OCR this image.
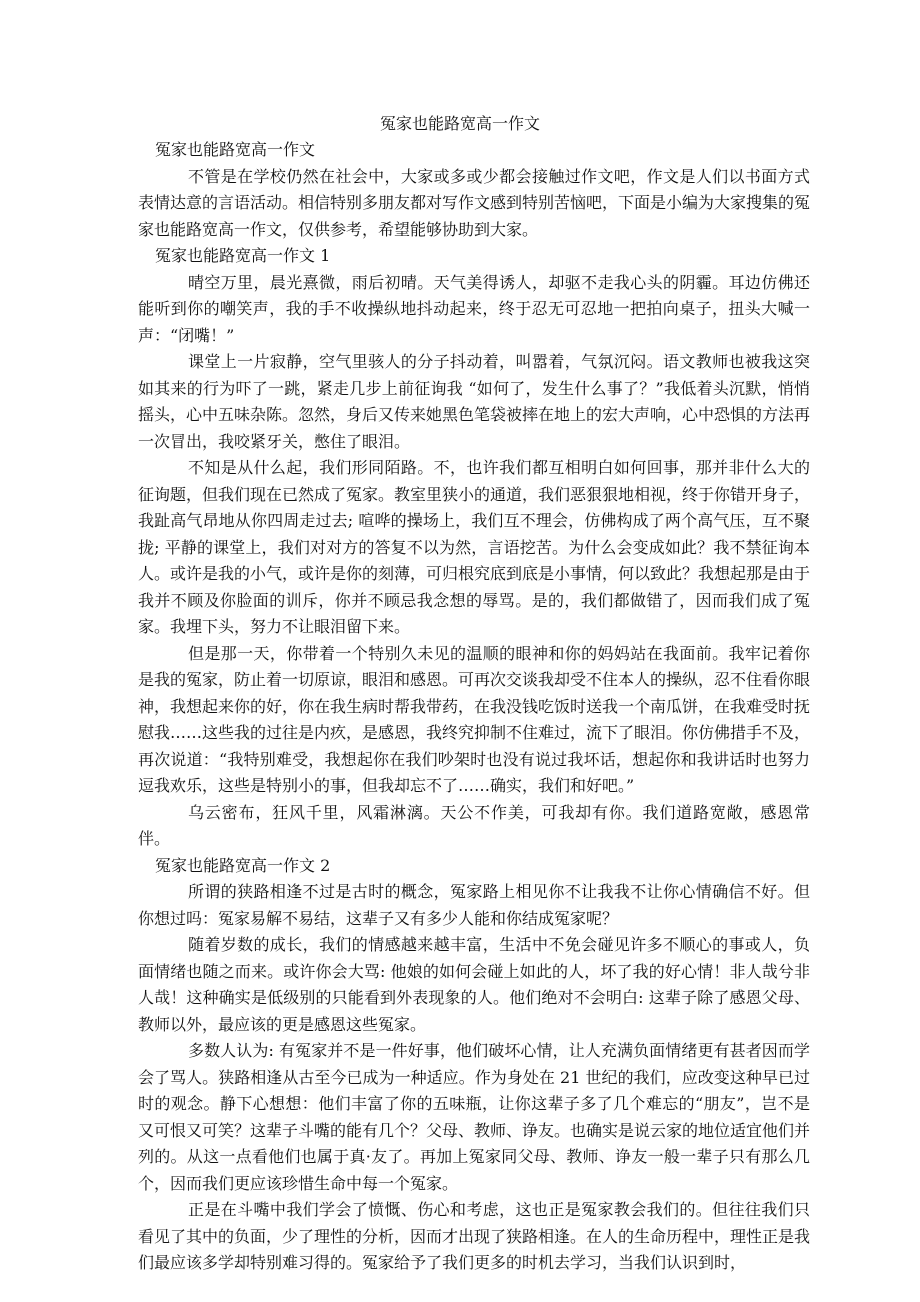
冤家也能路宽高一作文

冤家也能路宽高一作文

不管是在学校仍然在社会中，大家或多或少都会接触过作文吧，作文是人们以书面方式表情达意的言语活动。相信特别多朋友都对写作文感到特别苦恼吧，下面是小编为大家搜集的冤家也能路宽高一作文，仅供参考，希望能够协助到大家。

冤家也能路宽高一作文 1

晴空万里，晨光熹微，雨后初晴。天气美得诱人，却驱不走我心头的阴霾。耳边仿佛还能听到你的嘲笑声，我的手不收操纵地抖动起来，终于忍无可忍地一把拍向桌子，扭头大喊一声：“闭嘴！”

课堂上一片寂静，空气里骇人的分子抖动着，叫嚣着，气氛沉闷。语文教师也被我这突如其来的行为吓了一跳，紧走几步上前征询我 “如何了，发生什么事了？”我低着头沉默，悄悄摇头，心中五味杂陈。忽然，身后又传来她黑色笔袋被摔在地上的宏大声响，心中恐惧的方法再一次冒出，我咬紧牙关，憋住了眼泪。

不知是从什么起，我们形同陌路。不，也许我们都互相明白如何回事，那并非什么大的征询题，但我们现在已然成了冤家。教室里狭小的通道，我们恶狠狠地相视，终于你错开身子，我趾高气昂地从你四周走过去; 喧哗的操场上，我们互不理会，仿佛构成了两个高气压，互不聚拢; 平静的课堂上，我们对对方的答复不以为然，言语挖苦。为什么会变成如此？我不禁征询本人。或许是我的小气，或许是你的刻薄，可归根究底到底是小事情，何以致此？我想起那是由于我并不顾及你脸面的训斥，你并不顾忌我念想的辱骂。是的，我们都做错了，因而我们成了冤家。我埋下头，努力不让眼泪留下来。

但是那一天，你带着一个特别久未见的温顺的眼神和你的妈妈站在我面前。我牢记着你是我的冤家，防止着一切原谅，眼泪和感恩。可再次交谈我却受不住本人的操纵，忍不住看你眼神，我想起来你的好，你在我生病时帮我带药，在我没钱吃饭时送我一个南瓜饼，在我难受时抚慰我……这些我的过往是内疚，是感恩，我终究抑制不住难过，流下了眼泪。你仿佛措手不及，再次说道：“我特别难受，我想起你在我们吵架时也没有说过我坏话，想起你和我讲话时也努力逗我欢乐，这些是特别小的事，但我却忘不了……确实，我们和好吧。”

乌云密布，狂风千里，风霜淋漓。天公不作美，可我却有你。我们道路宽敞，感恩常伴。

冤家也能路宽高一作文 2

所谓的狭路相逢不过是古时的概念，冤家路上相见你不让我我不让你心情确信不好。但你想过吗：冤家易解不易结，这辈子又有多少人能和你结成冤家呢？

随着岁数的成长，我们的情感越来越丰富，生活中不免会碰见许多不顺心的事或人，负面情绪也随之而来。或许你会大骂: 他娘的如何会碰上如此的人，坏了我的好心情！非人哉兮非人哉！这种确实是低级别的只能看到外表现象的人。他们绝对不会明白: 这辈子除了感恩父母、教师以外，最应该的更是感恩这些冤家。

多数人认为: 有冤家并不是一件好事，他们破坏心情，让人充满负面情绪更有甚者因而学会了骂人。狭路相逢从古至今已成为一种适应。作为身处在 21 世纪的我们，应改变这种早已过时的观念。静下心想想：他们丰富了你的五味瓶，让你这辈子多了几个难忘的“朋友”，岂不是又可恨又可笑？这辈子斗嘴的能有几个？父母、教师、诤友。也确实是说云家的地位适宜他们并列的。从这一点看他们也属于真·友了。再加上冤家同父母、教师、诤友一般一辈子只有那么几个，因而我们更应该珍惜生命中每一个冤家。

正是在斗嘴中我们学会了愤慨、伤心和考虑，这也正是冤家教会我们的。但往往我们只看见了其中的负面，少了理性的分析，因而才出现了狭路相逢。在人的生命历程中，理性正是我们最应该多学却特别难习得的。冤家给予了我们更多的时机去学习，当我们认识到时，
